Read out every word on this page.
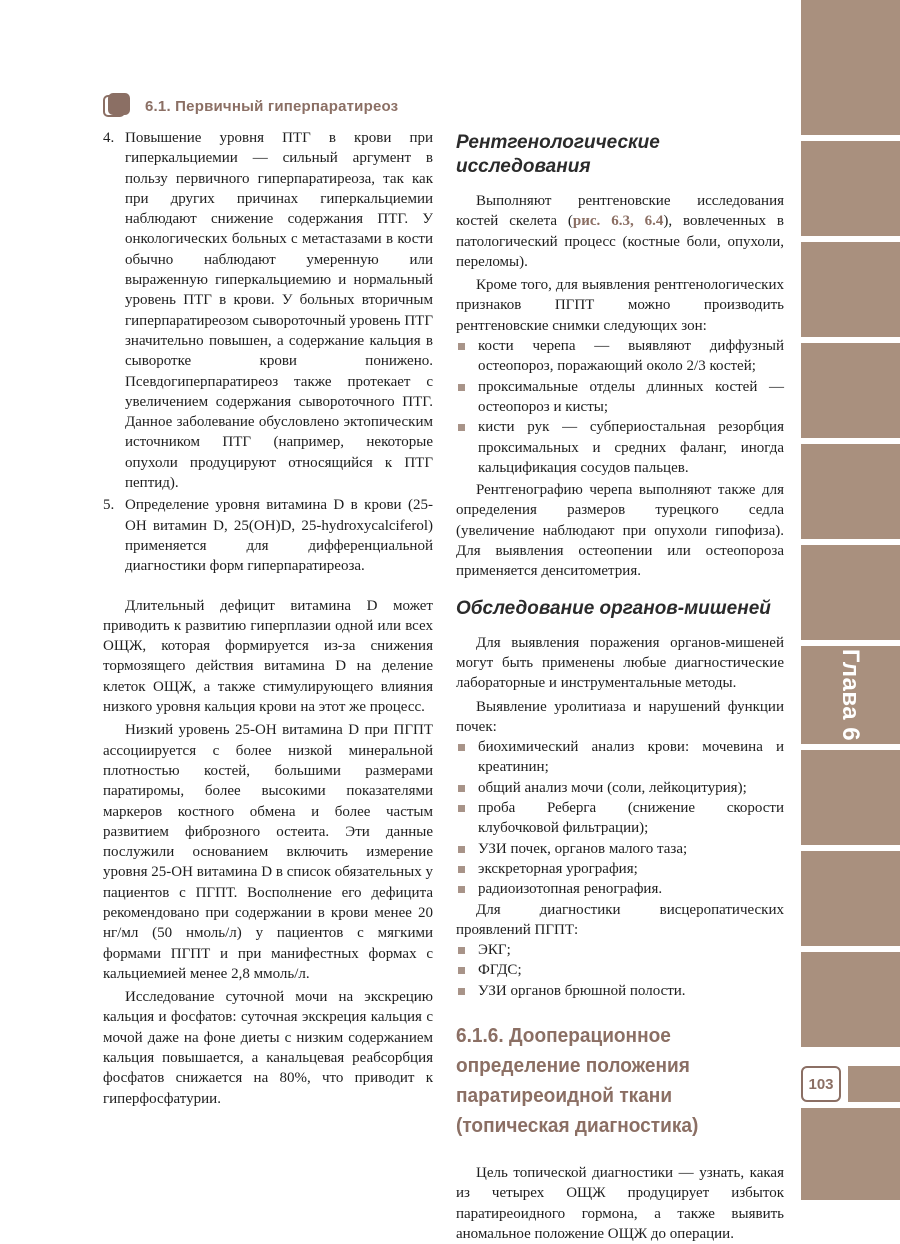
6.1. Первичный гиперпаратиреоз
4. Повышение уровня ПТГ в крови при гиперкальциемии — сильный аргумент в пользу первичного гиперпаратиреоза, так как при других причинах гиперкальциемии наблюдают снижение содержания ПТГ. У онкологических больных с метастазами в кости обычно наблюдают умеренную или выраженную гиперкальциемию и нормальный уровень ПТГ в крови. У больных вторичным гиперпаратиреозом сывороточный уровень ПТГ значительно повышен, а содержание кальция в сыворотке крови понижено. Псевдогиперпаратиреоз также протекает с увеличением содержания сывороточного ПТГ. Данное заболевание обусловлено эктопическим источником ПТГ (например, некоторые опухоли продуцируют относящийся к ПТГ пептид).
5. Определение уровня витамина D в крови (25-OH витамин D, 25(OH)D, 25-hydroxycalciferol) применяется для дифференциальной диагностики форм гиперпаратиреоза.

Длительный дефицит витамина D может приводить к развитию гиперплазии одной или всех ОЩЖ, которая формируется из-за снижения тормозящего действия витамина D на деление клеток ОЩЖ, а также стимулирующего влияния низкого уровня кальция крови на этот же процесс.

Низкий уровень 25-OH витамина D при ПГПТ ассоциируется с более низкой минеральной плотностью костей, большими размерами паратиромы, более высокими показателями маркеров костного обмена и более частым развитием фиброзного остеита. Эти данные послужили основанием включить измерение уровня 25-OH витамина D в список обязательных у пациентов с ПГПТ. Восполнение его дефицита рекомендовано при содержании в крови менее 20 нг/мл (50 нмоль/л) у пациентов с мягкими формами ПГПТ и при манифестных формах с кальциемией менее 2,8 ммоль/л.

Исследование суточной мочи на экскрецию кальция и фосфатов: суточная экскреция кальция с мочой даже на фоне диеты с низким содержанием кальция повышается, а канальцевая реабсорбция фосфатов снижается на 80%, что приводит к гиперфосфатурии.

Рентгенологические исследования

Выполняют рентгеновские исследования костей скелета (рис. 6.3, 6.4), вовлеченных в патологический процесс (костные боли, опухоли, переломы).

Кроме того, для выявления рентгенологических признаков ПГПТ можно производить рентгеновские снимки следующих зон:

кости черепа — выявляют диффузный остеопороз, поражающий около 2/3 костей;
проксимальные отделы длинных костей — остеопороз и кисты;
кисти рук — субпериостальная резорбция проксимальных и средних фаланг, иногда кальцификация сосудов пальцев.

Рентгенографию черепа выполняют также для определения размеров турецкого седла (увеличение наблюдают при опухоли гипофиза). Для выявления остеопении или остеопороза применяется денситометрия.

Обследование органов-мишеней

Для выявления поражения органов-мишеней могут быть применены любые диагностические лабораторные и инструментальные методы.

Выявление уролитиаза и нарушений функции почек:

биохимический анализ крови: мочевина и креатинин;
общий анализ мочи (соли, лейкоцитурия);
проба Реберга (снижение скорости клубочковой фильтрации);
УЗИ почек, органов малого таза;
экскреторная урография;
радиоизотопная ренография.

Для диагностики висцеропатических проявлений ПГПТ:

ЭКГ;
ФГДС;
УЗИ органов брюшной полости.
6.1.6. Дооперационное определение положения паратиреоидной ткани (топическая диагностика)

Цель топической диагностики — узнать, какая из четырех ОЩЖ продуцирует избыток паратиреоидного гормона, а также выявить аномальное положение ОЩЖ до операции.

Глава 6
103
